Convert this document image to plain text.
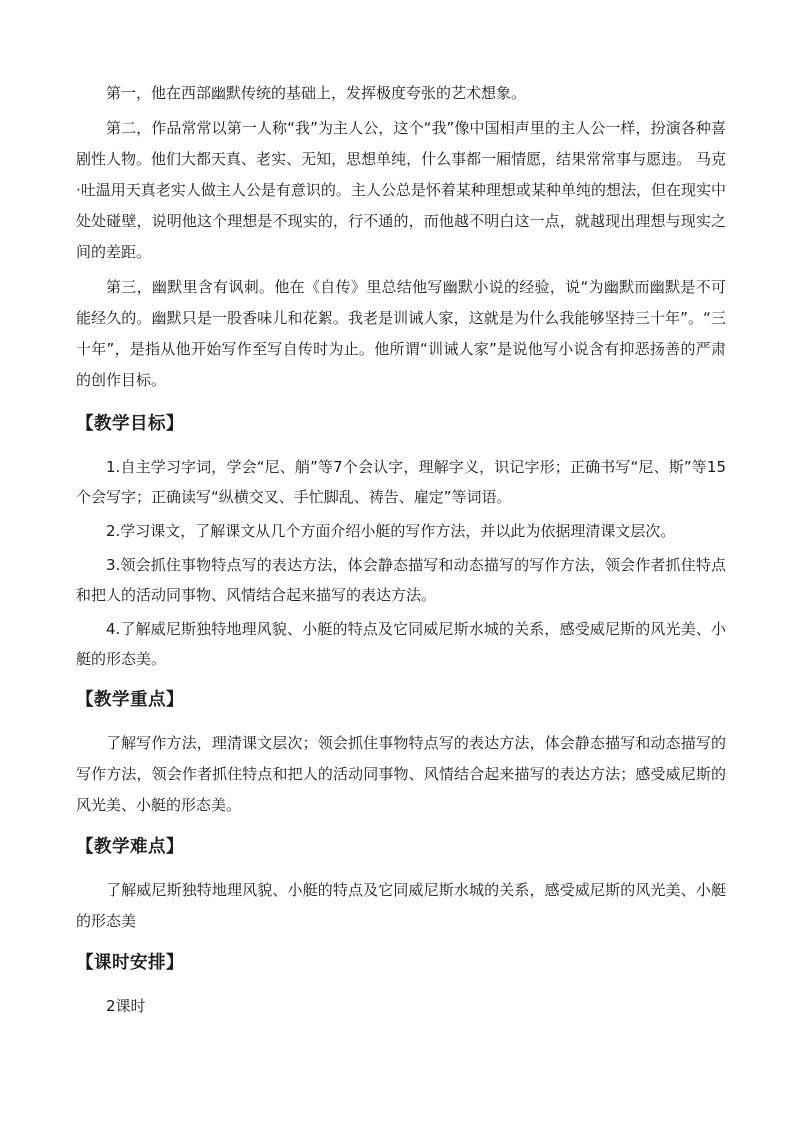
第一，他在西部幽默传统的基础上，发挥极度夸张的艺术想象。

第二，作品常常以第一人称“我”为主人公，这个“我”像中国相声里的主人公一样，扮演各种喜剧性人物。他们大都天真、老实、无知，思想单纯，什么事都一厢情愿，结果常常事与愿违。 马克·吐温用天真老实人做主人公是有意识的。主人公总是怀着某种理想或某种单纯的想法，但在现实中处处碰壁，说明他这个理想是不现实的，行不通的，而他越不明白这一点，就越现出理想与现实之间的差距。

第三，幽默里含有讽刺。他在《自传》里总结他写幽默小说的经验，说“为幽默而幽默是不可能经久的。幽默只是一股香味儿和花絮。我老是训诫人家，这就是为什么我能够坚持三十年”。“三十年”，是指从他开始写作至写自传时为止。他所谓“训诫人家”是说他写小说含有抑恶扬善的严肃的创作目标。

【教学目标】

1.自主学习字词，学会“尼、艄”等7个会认字，理解字义，识记字形；正确书写“尼、斯”等15个会写字；正确读写“纵横交叉、手忙脚乱、祷告、雇定”等词语。

2.学习课文，了解课文从几个方面介绍小艇的写作方法，并以此为依据理清课文层次。

3.领会抓住事物特点写的表达方法，体会静态描写和动态描写的写作方法，领会作者抓住特点和把人的活动同事物、风情结合起来描写的表达方法。

4.了解威尼斯独特地理风貌、小艇的特点及它同威尼斯水城的关系，感受威尼斯的风光美、小艇的形态美。

【教学重点】

了解写作方法，理清课文层次；领会抓住事物特点写的表达方法，体会静态描写和动态描写的写作方法，领会作者抓住特点和把人的活动同事物、风情结合起来描写的表达方法；感受威尼斯的风光美、小艇的形态美。

【教学难点】

了解威尼斯独特地理风貌、小艇的特点及它同威尼斯水城的关系，感受威尼斯的风光美、小艇的形态美

【课时安排】

2课时
